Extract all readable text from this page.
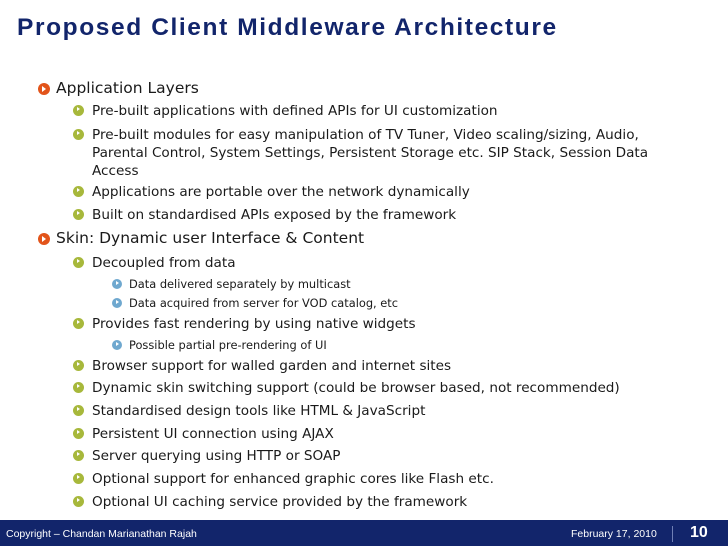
Proposed Client Middleware Architecture
Application Layers
Pre-built applications with defined APIs for UI customization
Pre-built modules for easy manipulation of TV Tuner, Video scaling/sizing, Audio,
Parental Control, System Settings, Persistent Storage etc. SIP Stack, Session Data
Access
Applications are portable over the network dynamically
Built on standardised APIs exposed by the framework
Skin: Dynamic user Interface & Content
Decoupled from data
Data delivered separately by multicast
Data acquired from server for VOD catalog, etc
Provides fast rendering by using native widgets
Possible partial pre-rendering of UI
Browser support for walled garden and internet sites
Dynamic skin switching support (could be browser based, not recommended)
Standardised design tools like HTML & JavaScript
Persistent UI connection using AJAX
Server querying using HTTP or SOAP
Optional support for enhanced graphic cores like Flash etc.
Optional UI caching service provided by the framework
Copyright – Chandan Marianathan Rajah	February 17, 2010 10
